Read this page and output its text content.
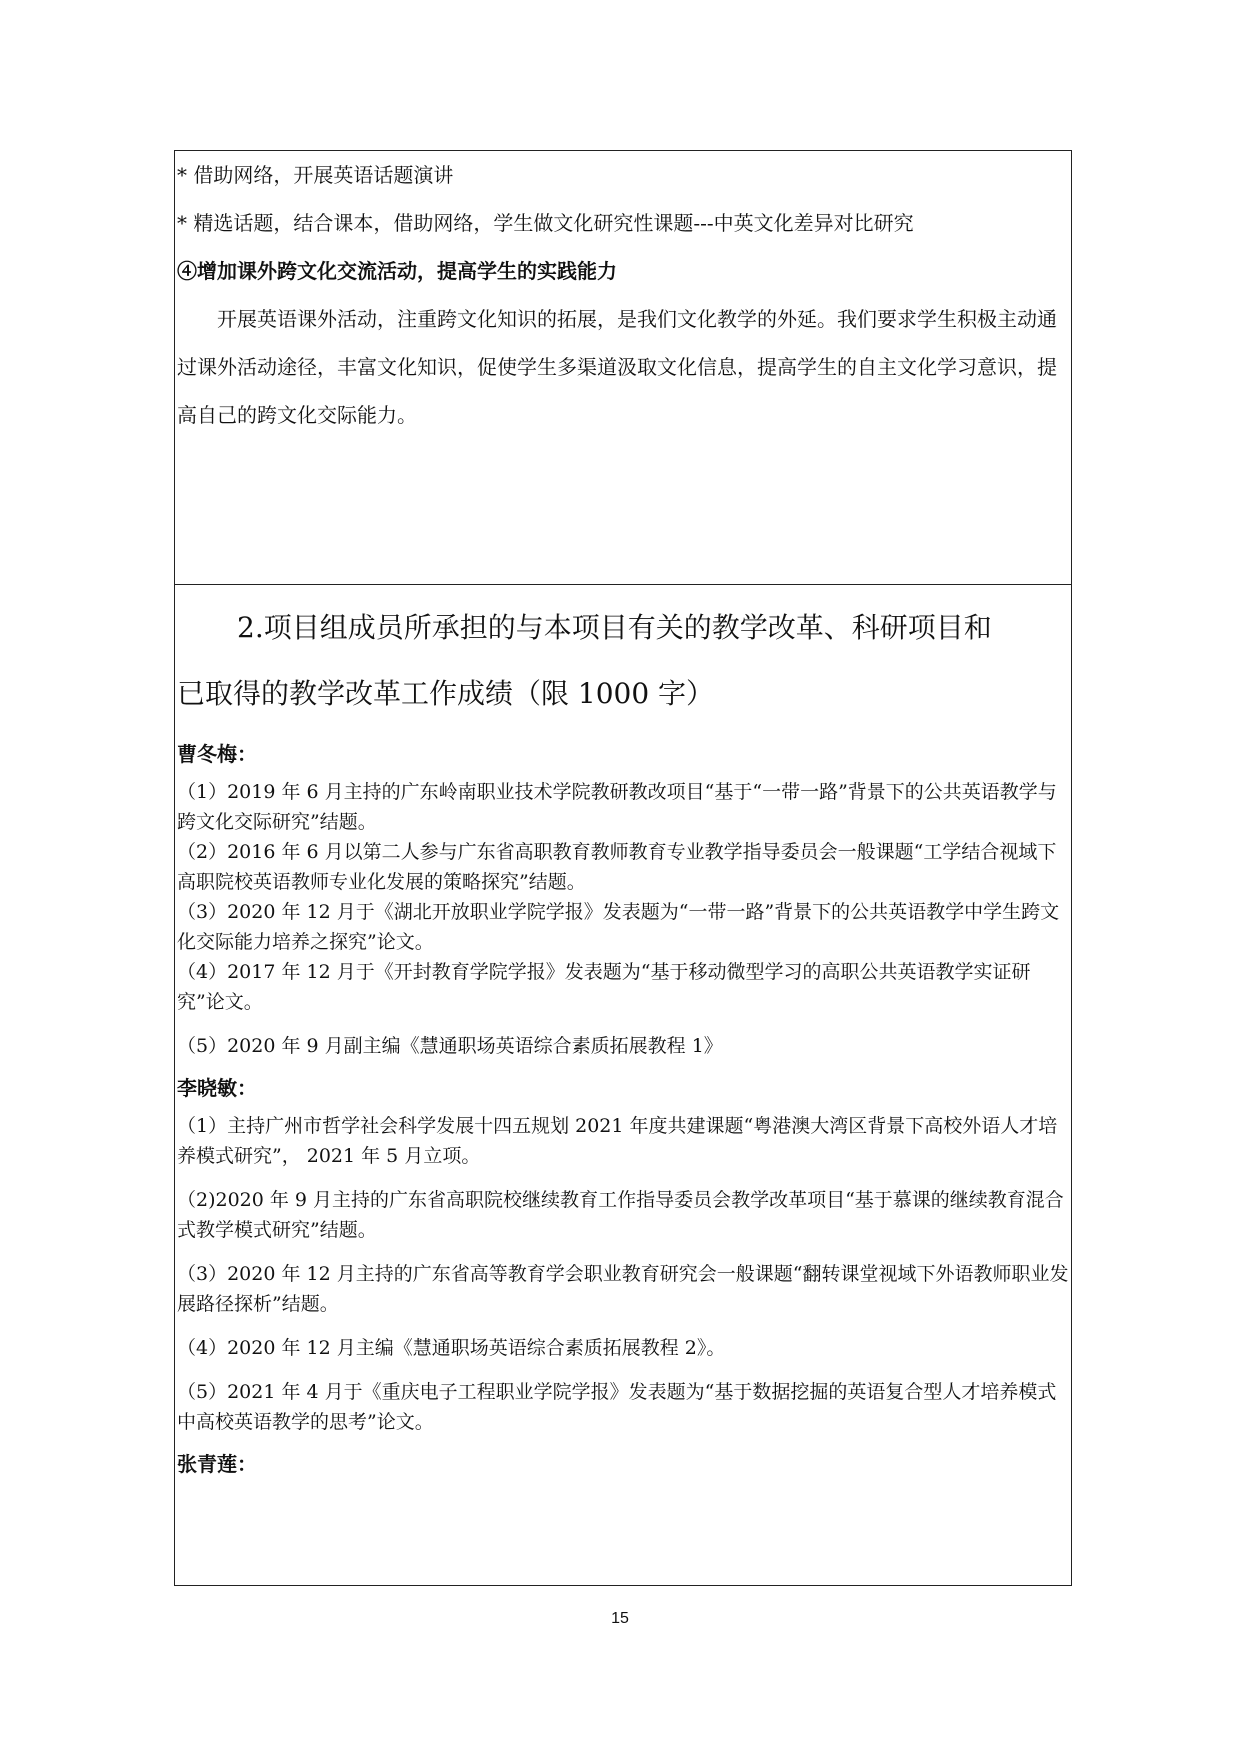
* 借助网络，开展英语话题演讲

* 精选话题，结合课本，借助网络，学生做文化研究性课题---中英文化差异对比研究

④增加课外跨文化交流活动，提高学生的实践能力

开展英语课外活动，注重跨文化知识的拓展，是我们文化教学的外延。我们要求学生积极主动通过课外活动途径，丰富文化知识，促使学生多渠道汲取文化信息，提高学生的自主文化学习意识，提高自己的跨文化交际能力。

2.项目组成员所承担的与本项目有关的教学改革、科研项目和

已取得的教学改革工作成绩（限 1000 字）

曹冬梅：

（1）2019 年 6 月主持的广东岭南职业技术学院教研教改项目“基于“一带一路”背景下的公共英语教学与跨文化交际研究”结题。

（2）2016 年 6 月以第二人参与广东省高职教育教师教育专业教学指导委员会一般课题“工学结合视域下高职院校英语教师专业化发展的策略探究”结题。

（3）2020 年 12 月于《湖北开放职业学院学报》发表题为“一带一路”背景下的公共英语教学中学生跨文化交际能力培养之探究”论文。

（4）2017 年 12 月于《开封教育学院学报》发表题为“基于移动微型学习的高职公共英语教学实证研究”论文。

（5）2020 年 9 月副主编《慧通职场英语综合素质拓展教程 1》

李晓敏：

（1）主持广州市哲学社会科学发展十四五规划 2021 年度共建课题“粤港澳大湾区背景下高校外语人才培养模式研究”， 2021 年 5 月立项。

（2)2020 年 9 月主持的广东省高职院校继续教育工作指导委员会教学改革项目“基于慕课的继续教育混合式教学模式研究”结题。

（3）2020 年 12 月主持的广东省高等教育学会职业教育研究会一般课题“翻转课堂视域下外语教师职业发展路径探析”结题。

（4）2020 年 12 月主编《慧通职场英语综合素质拓展教程 2》。

（5）2021 年 4 月于《重庆电子工程职业学院学报》发表题为“基于数据挖掘的英语复合型人才培养模式中高校英语教学的思考”论文。

张青莲：

15
